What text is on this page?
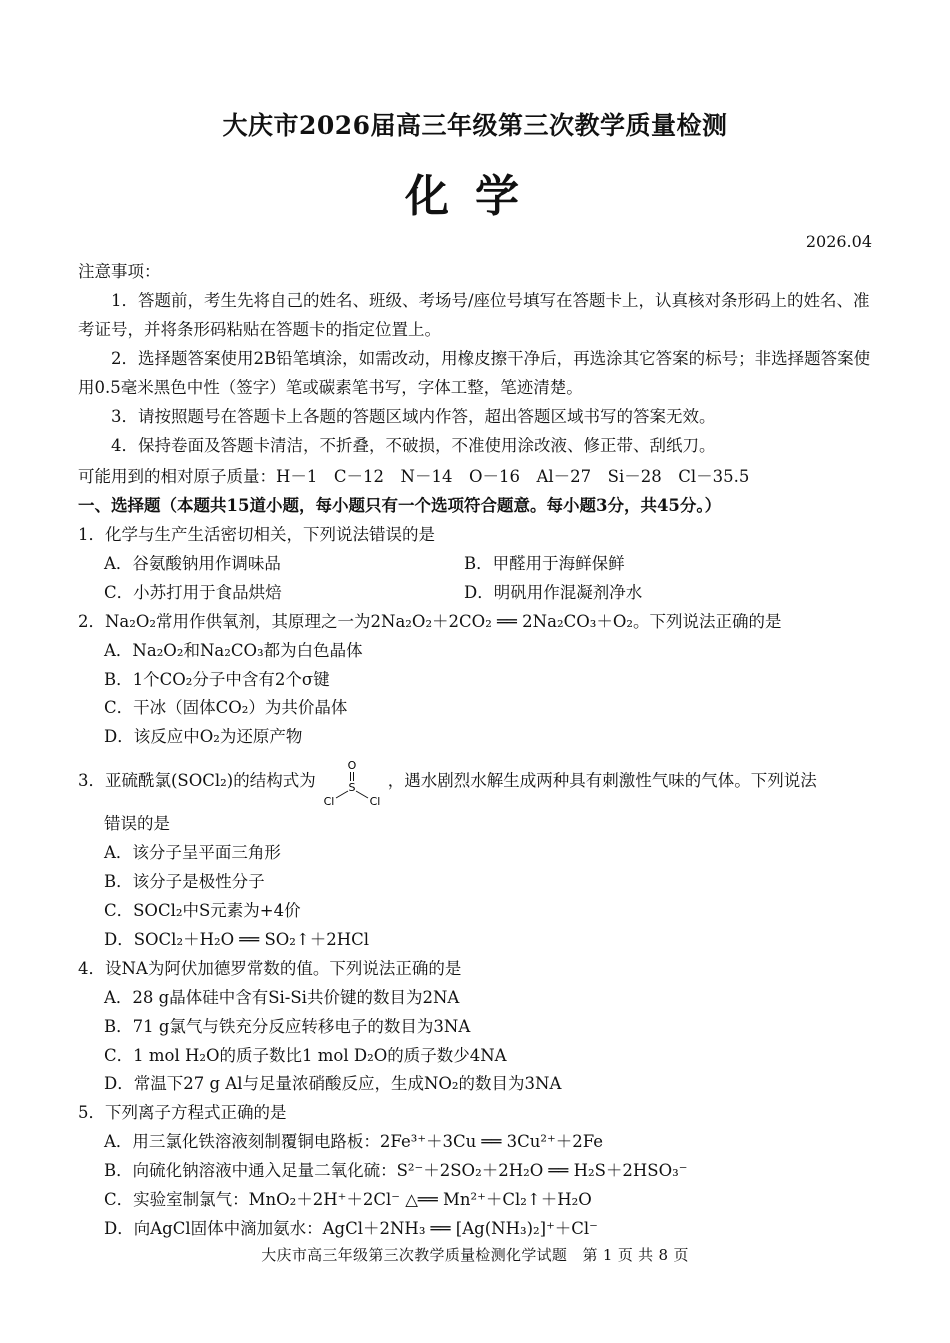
大庆市2026届高三年级第三次教学质量检测
化学
2026.04
注意事项：
1．答题前，考生先将自己的姓名、班级、考场号/座位号填写在答题卡上，认真核对条形码上的姓名、准考证号，并将条形码粘贴在答题卡的指定位置上。
2．选择题答案使用2B铅笔填涂，如需改动，用橡皮擦干净后，再选涂其它答案的标号；非选择题答案使用0.5毫米黑色中性（签字）笔或碳素笔书写，字体工整，笔迹清楚。
3．请按照题号在答题卡上各题的答题区域内作答，超出答题区域书写的答案无效。
4．保持卷面及答题卡清洁，不折叠，不破损，不准使用涂改液、修正带、刮纸刀。
可能用到的相对原子质量：H－1　C－12　N－14　O－16　Al－27　Si－28　Cl－35.5
一、选择题（本题共15道小题，每小题只有一个选项符合题意。每小题3分，共45分。）
1．化学与生产生活密切相关，下列说法错误的是
A．谷氨酸钠用作调味品	B．甲醛用于海鲜保鲜
C．小苏打用于食品烘焙	D．明矾用作混凝剂净水
2．Na₂O₂常用作供氧剂，其原理之一为2Na₂O₂＋2CO₂ ══ 2Na₂CO₃＋O₂。下列说法正确的是
A．Na₂O₂和Na₂CO₃都为白色晶体
B．1个CO₂分子中含有2个σ键
C．干冰（固体CO₂）为共价晶体
D．该反应中O₂为还原产物
3．亚硫酰氯(SOCl₂)的结构式为
O
S
Cl	Cl
，遇水剧烈水解生成两种具有刺激性气味的气体。下列说法
错误的是
A．该分子呈平面三角形
B．该分子是极性分子
C．SOCl₂中S元素为+4价
D．SOCl₂＋H₂O ══ SO₂↑＋2HCl
4．设NA为阿伏加德罗常数的值。下列说法正确的是
A．28 g晶体硅中含有Si-Si共价键的数目为2NA
B．71 g氯气与铁充分反应转移电子的数目为3NA
C．1 mol H₂O的质子数比1 mol D₂O的质子数少4NA
D．常温下27 g Al与足量浓硝酸反应，生成NO₂的数目为3NA
5．下列离子方程式正确的是
A．用三氯化铁溶液刻制覆铜电路板：2Fe³⁺＋3Cu ══ 3Cu²⁺＋2Fe
B．向硫化钠溶液中通入足量二氧化硫：S²⁻＋2SO₂＋2H₂O ══ H₂S＋2HSO₃⁻
C．实验室制氯气：MnO₂＋2H⁺＋2Cl⁻ △══ Mn²⁺＋Cl₂↑＋H₂O
D．向AgCl固体中滴加氨水：AgCl＋2NH₃ ══ [Ag(NH₃)₂]⁺＋Cl⁻
大庆市高三年级第三次教学质量检测化学试题　第 1 页 共 8 页
